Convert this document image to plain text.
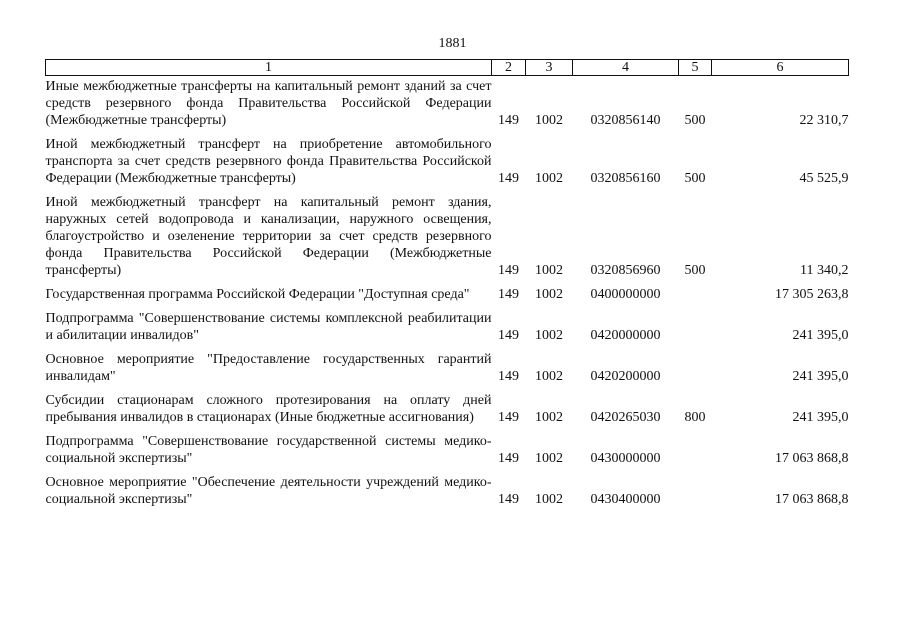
1881
1	2	3	4	5	6
Иные межбюджетные трансферты на капитальный ремонт зданий за счет средств резервного фонда Правительства Российской Федерации (Межбюджетные трансферты)	149	1002	0320856140	500	22 310,7
Иной межбюджетный трансферт на приобретение автомобильного транспорта за счет средств резервного фонда Правительства Российской Федерации (Межбюджетные трансферты)	149	1002	0320856160	500	45 525,9
Иной межбюджетный трансферт на капитальный ремонт здания, наружных сетей водопровода и канализации, наружного освещения, благоустройство и озеленение территории за счет средств резервного фонда Правительства Российской Федерации (Межбюджетные трансферты)	149	1002	0320856960	500	11 340,2
Государственная программа Российской Федерации "Доступная среда"	149	1002	0400000000		17 305 263,8
Подпрограмма "Совершенствование системы комплексной реабилитации и абилитации инвалидов"	149	1002	0420000000		241 395,0
Основное мероприятие "Предоставление государственных гарантий инвалидам"	149	1002	0420200000		241 395,0
Субсидии стационарам сложного протезирования на оплату дней пребывания инвалидов в стационарах (Иные бюджетные ассигнования)	149	1002	0420265030	800	241 395,0
Подпрограмма "Совершенствование государственной системы медико-социальной экспертизы"	149	1002	0430000000		17 063 868,8
Основное мероприятие "Обеспечение деятельности учреждений медико-социальной экспертизы"	149	1002	0430400000		17 063 868,8
